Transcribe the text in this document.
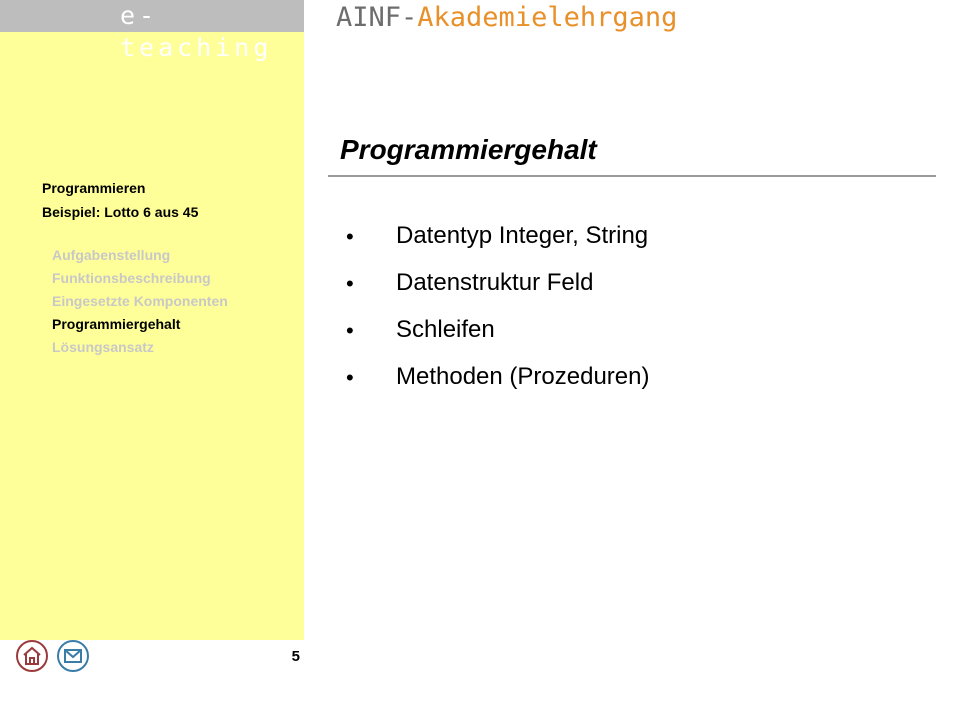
e-teaching
AINF-Akademielehrgang
Programmieren
Beispiel: Lotto 6 aus 45
Aufgabenstellung
Funktionsbeschreibung
Eingesetzte Komponenten
Programmiergehalt
Lösungsansatz
Programmiergehalt
• Datentyp Integer, String
• Datenstruktur Feld
• Schleifen
• Methoden (Prozeduren)
5
